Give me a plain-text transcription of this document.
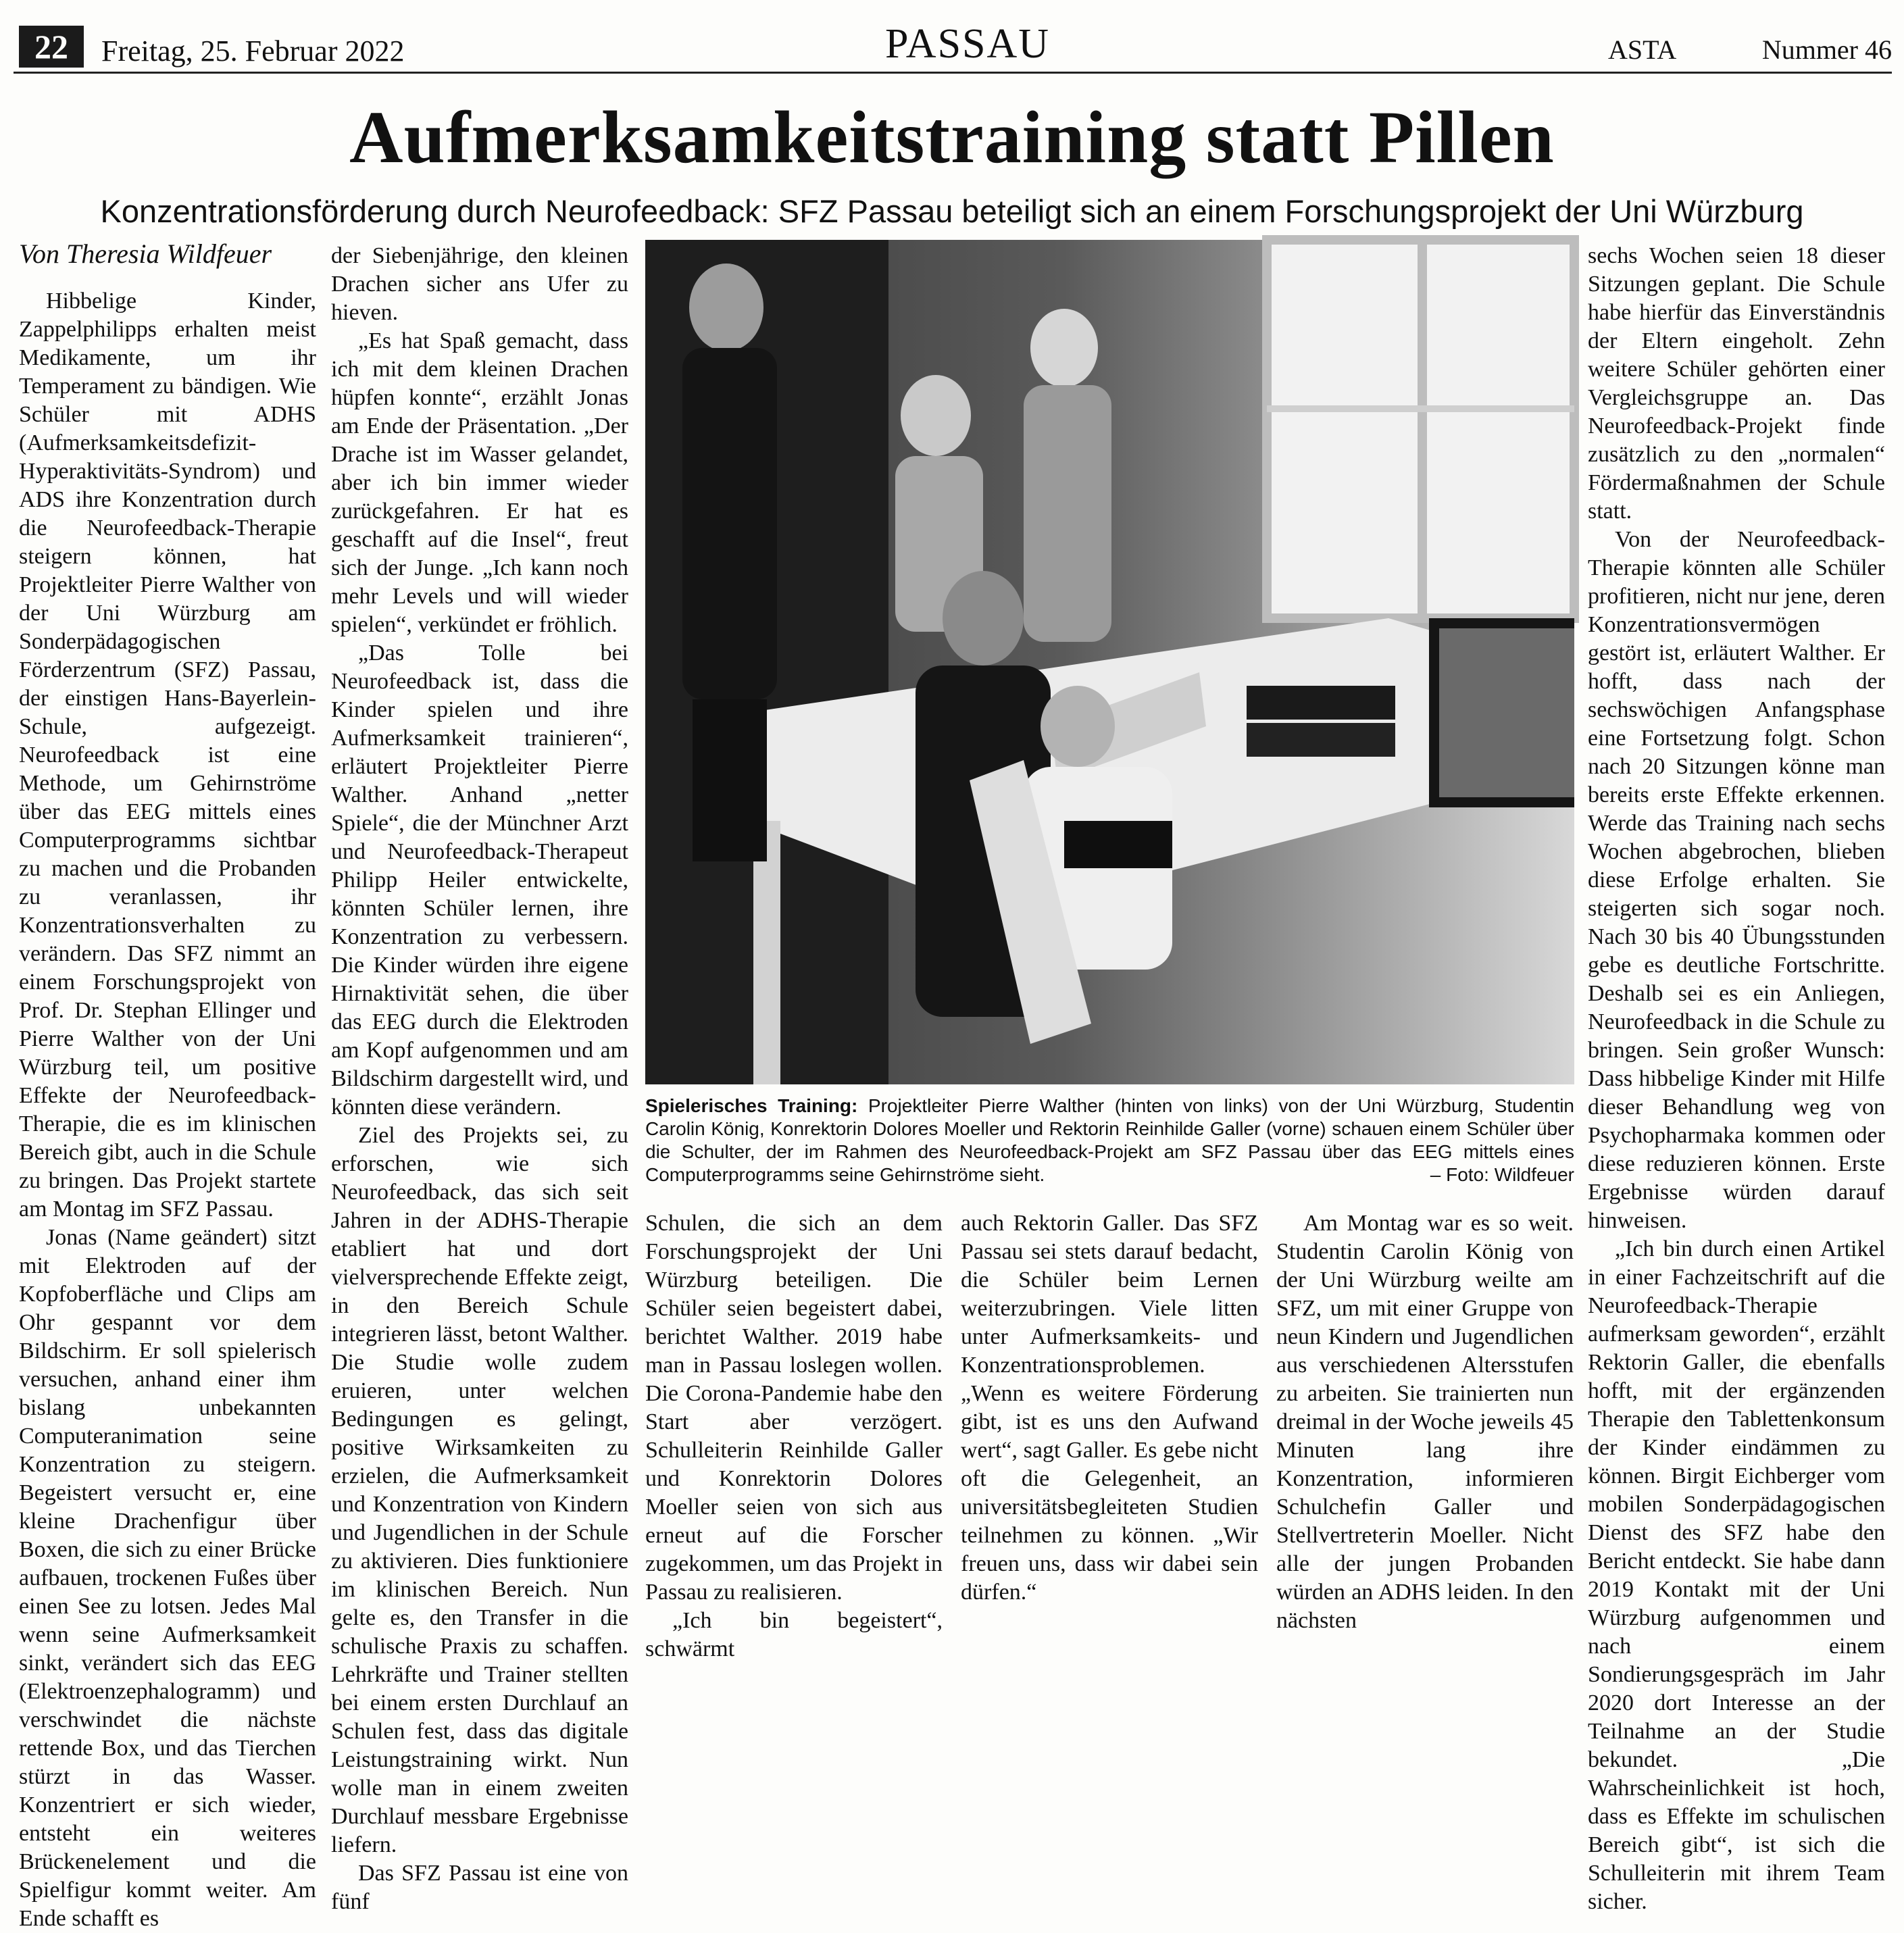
22	Freitag, 25. Februar 2022	PASSAU	ASTA	Nummer 46
Aufmerksamkeitstraining statt Pillen
Konzentrationsförderung durch Neurofeedback: SFZ Passau beteiligt sich an einem Forschungsprojekt der Uni Würzburg
Von Theresia Wildfeuer

Hibbelige Kinder, Zappelphilipps erhalten meist Medikamente, um ihr Temperament zu bändigen. Wie Schüler mit ADHS (Aufmerksamkeitsdefizit-Hyperaktivitäts-Syndrom) und ADS ihre Konzentration durch die Neurofeedback-Therapie steigern können, hat Projektleiter Pierre Walther von der Uni Würzburg am Sonderpädagogischen Förderzentrum (SFZ) Passau, der einstigen Hans-Bayerlein-Schule, aufgezeigt. Neurofeedback ist eine Methode, um Gehirnströme über das EEG mittels eines Computerprogramms sichtbar zu machen und die Probanden zu veranlassen, ihr Konzentrationsverhalten zu verändern. Das SFZ nimmt an einem Forschungsprojekt von Prof. Dr. Stephan Ellinger und Pierre Walther von der Uni Würzburg teil, um positive Effekte der Neurofeedback-Therapie, die es im klinischen Bereich gibt, auch in die Schule zu bringen. Das Projekt startete am Montag im SFZ Passau.

Jonas (Name geändert) sitzt mit Elektroden auf der Kopfoberfläche und Clips am Ohr gespannt vor dem Bildschirm. Er soll spielerisch versuchen, anhand einer ihm bislang unbekannten Computeranimation seine Konzentration zu steigern. Begeistert versucht er, eine kleine Drachenfigur über Boxen, die sich zu einer Brücke aufbauen, trockenen Fußes über einen See zu lotsen. Jedes Mal wenn seine Aufmerksamkeit sinkt, verändert sich das EEG (Elektroenzephalogramm) und verschwindet die nächste rettende Box, und das Tierchen stürzt in das Wasser. Konzentriert er sich wieder, entsteht ein weiteres Brückenelement und die Spielfigur kommt weiter. Am Ende schafft es

der Siebenjährige, den kleinen Drachen sicher ans Ufer zu hieven.

„Es hat Spaß gemacht, dass ich mit dem kleinen Drachen hüpfen konnte“, erzählt Jonas am Ende der Präsentation. „Der Drache ist im Wasser gelandet, aber ich bin immer wieder zurückgefahren. Er hat es geschafft auf die Insel“, freut sich der Junge. „Ich kann noch mehr Levels und will wieder spielen“, verkündet er fröhlich.

„Das Tolle bei Neurofeedback ist, dass die Kinder spielen und ihre Aufmerksamkeit trainieren“, erläutert Projektleiter Pierre Walther. Anhand „netter Spiele“, die der Münchner Arzt und Neurofeedback-Therapeut Philipp Heiler entwickelte, könnten Schüler lernen, ihre Konzentration zu verbessern. Die Kinder würden ihre eigene Hirnaktivität sehen, die über das EEG durch die Elektroden am Kopf aufgenommen und am Bildschirm dargestellt wird, und könnten diese verändern.

Ziel des Projekts sei, zu erforschen, wie sich Neurofeedback, das sich seit Jahren in der ADHS-Therapie etabliert hat und dort vielversprechende Effekte zeigt, in den Bereich Schule integrieren lässt, betont Walther. Die Studie wolle zudem eruieren, unter welchen Bedingungen es gelingt, positive Wirksamkeiten zu erzielen, die Aufmerksamkeit und Konzentration von Kindern und Jugendlichen in der Schule zu aktivieren. Dies funktioniere im klinischen Bereich. Nun gelte es, den Transfer in die schulische Praxis zu schaffen. Lehrkräfte und Trainer stellten bei einem ersten Durchlauf an Schulen fest, dass das digitale Leistungstraining wirkt. Nun wolle man in einem zweiten Durchlauf messbare Ergebnisse liefern.

Das SFZ Passau ist eine von fünf

Spielerisches Training: Projektleiter Pierre Walther (hinten von links) von der Uni Würzburg, Studentin Carolin König, Konrektorin Dolores Moeller und Rektorin Reinhilde Galler (vorne) schauen einem Schüler über die Schulter, der im Rahmen des Neurofeedback-Projekt am SFZ Passau über das EEG mittels eines Computerprogramms seine Gehirnströme sieht.	– Foto: Wildfeuer

Schulen, die sich an dem Forschungsprojekt der Uni Würzburg beteiligen. Die Schüler seien begeistert dabei, berichtet Walther. 2019 habe man in Passau loslegen wollen. Die Corona-Pandemie habe den Start aber verzögert. Schulleiterin Reinhilde Galler und Konrektorin Dolores Moeller seien von sich aus erneut auf die Forscher zugekommen, um das Projekt in Passau zu realisieren.

„Ich bin begeistert“, schwärmt

auch Rektorin Galler. Das SFZ Passau sei stets darauf bedacht, die Schüler beim Lernen weiterzubringen. Viele litten unter Aufmerksamkeits- und Konzentrationsproblemen. „Wenn es weitere Förderung gibt, ist es uns den Aufwand wert“, sagt Galler. Es gebe nicht oft die Gelegenheit, an universitätsbegleiteten Studien teilnehmen zu können. „Wir freuen uns, dass wir dabei sein dürfen.“

Am Montag war es so weit. Studentin Carolin König von der Uni Würzburg weilte am SFZ, um mit einer Gruppe von neun Kindern und Jugendlichen aus verschiedenen Altersstufen zu arbeiten. Sie trainierten nun dreimal in der Woche jeweils 45 Minuten lang ihre Konzentration, informieren Schulchefin Galler und Stellvertreterin Moeller. Nicht alle der jungen Probanden würden an ADHS leiden. In den nächsten

sechs Wochen seien 18 dieser Sitzungen geplant. Die Schule habe hierfür das Einverständnis der Eltern eingeholt. Zehn weitere Schüler gehörten einer Vergleichsgruppe an. Das Neurofeedback-Projekt finde zusätzlich zu den „normalen“ Fördermaßnahmen der Schule statt.

Von der Neurofeedback-Therapie könnten alle Schüler profitieren, nicht nur jene, deren Konzentrationsvermögen gestört ist, erläutert Walther. Er hofft, dass nach der sechswöchigen Anfangsphase eine Fortsetzung folgt. Schon nach 20 Sitzungen könne man bereits erste Effekte erkennen. Werde das Training nach sechs Wochen abgebrochen, blieben diese Erfolge erhalten. Sie steigerten sich sogar noch. Nach 30 bis 40 Übungsstunden gebe es deutliche Fortschritte. Deshalb sei es ein Anliegen, Neurofeedback in die Schule zu bringen. Sein großer Wunsch: Dass hibbelige Kinder mit Hilfe dieser Behandlung weg von Psychopharmaka kommen oder diese reduzieren können. Erste Ergebnisse würden darauf hinweisen.

„Ich bin durch einen Artikel in einer Fachzeitschrift auf die Neurofeedback-Therapie aufmerksam geworden“, erzählt Rektorin Galler, die ebenfalls hofft, mit der ergänzenden Therapie den Tablettenkonsum der Kinder eindämmen zu können. Birgit Eichberger vom mobilen Sonderpädagogischen Dienst des SFZ habe den Bericht entdeckt. Sie habe dann 2019 Kontakt mit der Uni Würzburg aufgenommen und nach einem Sondierungsgespräch im Jahr 2020 dort Interesse an der Teilnahme an der Studie bekundet. „Die Wahrscheinlichkeit ist hoch, dass es Effekte im schulischen Bereich gibt“, ist sich die Schulleiterin mit ihrem Team sicher.
